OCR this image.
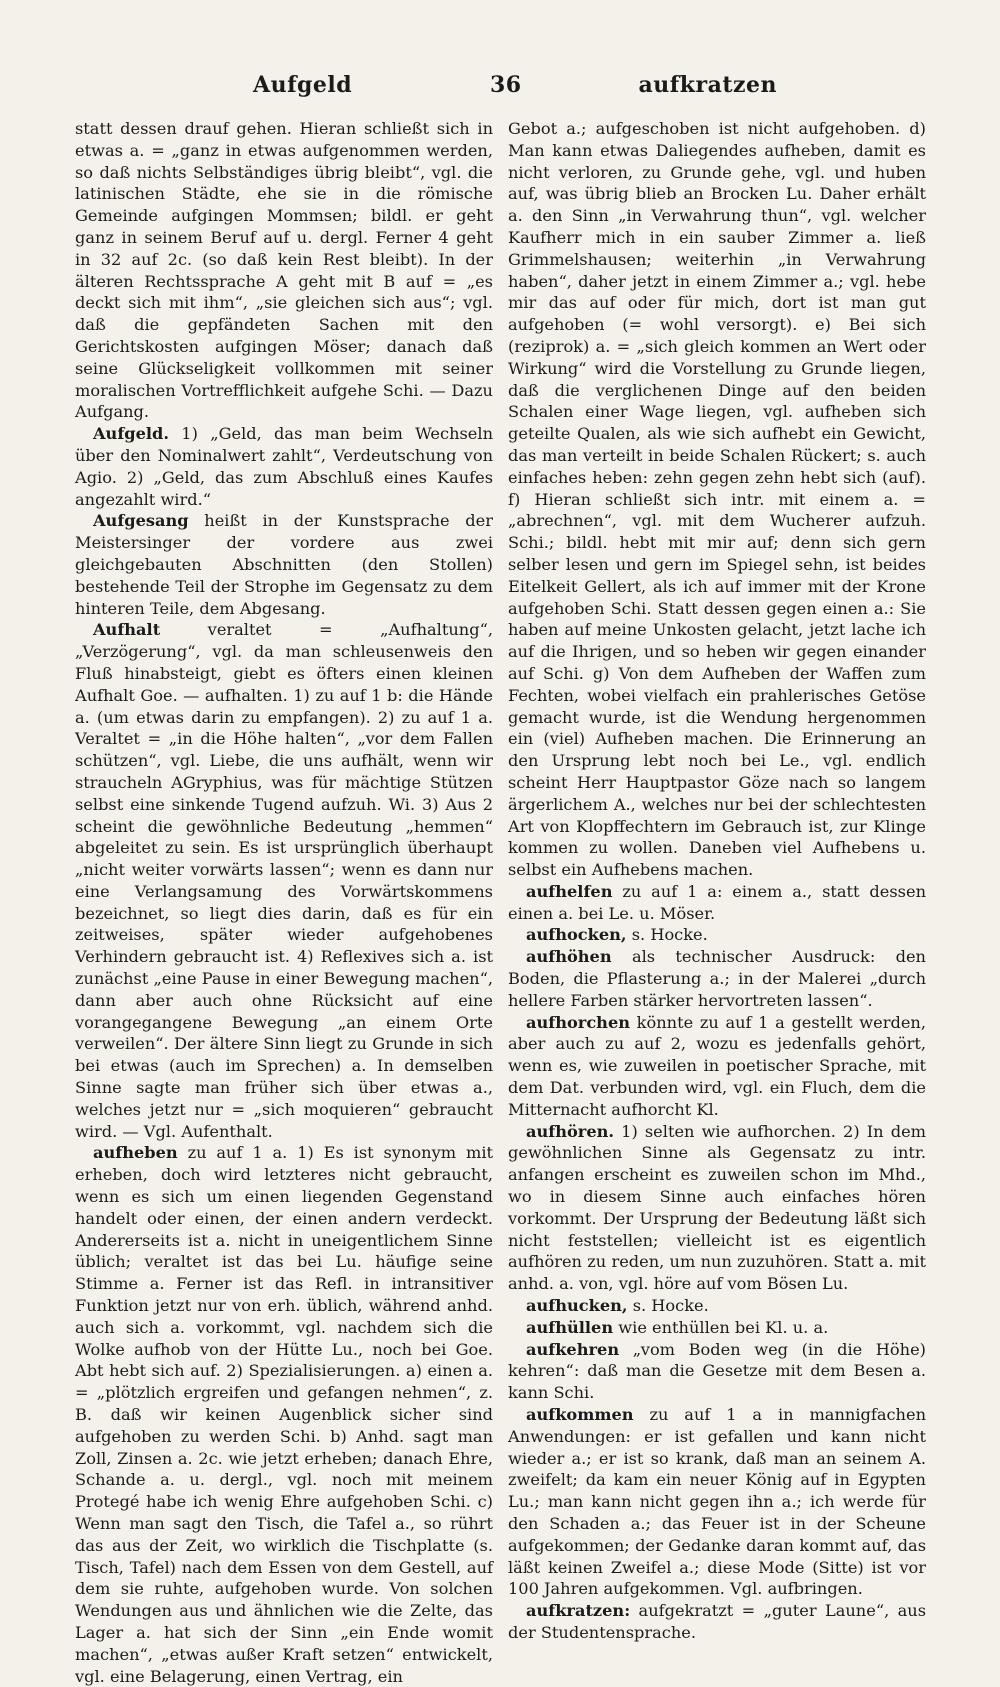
Aufgeld	36	aufkratzen

statt dessen drauf gehen. Hieran schließt sich in etwas a. = „ganz in etwas aufgenommen werden, so daß nichts Selbständiges übrig bleibt“, vgl. die latinischen Städte, ehe sie in die römische Gemeinde aufgingen Mommsen; bildl. er geht ganz in seinem Beruf auf u. dergl. Ferner 4 geht in 32 auf 2c. (so daß kein Rest bleibt). In der älteren Rechtssprache A geht mit B auf = „es deckt sich mit ihm“, „sie gleichen sich aus“; vgl. daß die gepfändeten Sachen mit den Gerichtskosten aufgingen Möser; danach daß seine Glückseligkeit vollkommen mit seiner moralischen Vortrefflichkeit aufgehe Schi. — Dazu Aufgang.

Aufgeld. 1) „Geld, das man beim Wechseln über den Nominalwert zahlt“, Verdeutschung von Agio. 2) „Geld, das zum Abschluß eines Kaufes angezahlt wird.“

Aufgesang heißt in der Kunstsprache der Meistersinger der vordere aus zwei gleichgebauten Abschnitten (den Stollen) bestehende Teil der Strophe im Gegensatz zu dem hinteren Teile, dem Abgesang.

Aufhalt veraltet = „Aufhaltung“, „Verzögerung“, vgl. da man schleusenweis den Fluß hinabsteigt, giebt es öfters einen kleinen Aufhalt Goe. — aufhalten. 1) zu auf 1 b: die Hände a. (um etwas darin zu empfangen). 2) zu auf 1 a. Veraltet = „in die Höhe halten“, „vor dem Fallen schützen“, vgl. Liebe, die uns aufhält, wenn wir straucheln AGryphius, was für mächtige Stützen selbst eine sinkende Tugend aufzuh. Wi. 3) Aus 2 scheint die gewöhnliche Bedeutung „hemmen“ abgeleitet zu sein. Es ist ursprünglich überhaupt „nicht weiter vorwärts lassen“; wenn es dann nur eine Verlangsamung des Vorwärtskommens bezeichnet, so liegt dies darin, daß es für ein zeitweises, später wieder aufgehobenes Verhindern gebraucht ist. 4) Reflexives sich a. ist zunächst „eine Pause in einer Bewegung machen“, dann aber auch ohne Rücksicht auf eine vorangegangene Bewegung „an einem Orte verweilen“. Der ältere Sinn liegt zu Grunde in sich bei etwas (auch im Sprechen) a. In demselben Sinne sagte man früher sich über etwas a., welches jetzt nur = „sich moquieren“ gebraucht wird. — Vgl. Aufenthalt.

aufheben zu auf 1 a. 1) Es ist synonym mit erheben, doch wird letzteres nicht gebraucht, wenn es sich um einen liegenden Gegenstand handelt oder einen, der einen andern verdeckt. Andererseits ist a. nicht in uneigentlichem Sinne üblich; veraltet ist das bei Lu. häufige seine Stimme a. Ferner ist das Refl. in intransitiver Funktion jetzt nur von erh. üblich, während anhd. auch sich a. vorkommt, vgl. nachdem sich die Wolke aufhob von der Hütte Lu., noch bei Goe. Abt hebt sich auf. 2) Spezialisierungen. a) einen a. = „plötzlich ergreifen und gefangen nehmen“, z. B. daß wir keinen Augenblick sicher sind aufgehoben zu werden Schi. b) Anhd. sagt man Zoll, Zinsen a. 2c. wie jetzt erheben; danach Ehre, Schande a. u. dergl., vgl. noch mit meinem Protegé habe ich wenig Ehre aufgehoben Schi. c) Wenn man sagt den Tisch, die Tafel a., so rührt das aus der Zeit, wo wirklich die Tischplatte (s. Tisch, Tafel) nach dem Essen von dem Gestell, auf dem sie ruhte, aufgehoben wurde. Von solchen Wendungen aus und ähnlichen wie die Zelte, das Lager a. hat sich der Sinn „ein Ende womit machen“, „etwas außer Kraft setzen“ entwickelt, vgl. eine Belagerung, einen Vertrag, ein

Gebot a.; aufgeschoben ist nicht aufgehoben. d) Man kann etwas Daliegendes aufheben, damit es nicht verloren, zu Grunde gehe, vgl. und huben auf, was übrig blieb an Brocken Lu. Daher erhält a. den Sinn „in Verwahrung thun“, vgl. welcher Kaufherr mich in ein sauber Zimmer a. ließ Grimmelshausen; weiterhin „in Verwahrung haben“, daher jetzt in einem Zimmer a.; vgl. hebe mir das auf oder für mich, dort ist man gut aufgehoben (= wohl versorgt). e) Bei sich (reziprok) a. = „sich gleich kommen an Wert oder Wirkung“ wird die Vorstellung zu Grunde liegen, daß die verglichenen Dinge auf den beiden Schalen einer Wage liegen, vgl. aufheben sich geteilte Qualen, als wie sich aufhebt ein Gewicht, das man verteilt in beide Schalen Rückert; s. auch einfaches heben: zehn gegen zehn hebt sich (auf). f) Hieran schließt sich intr. mit einem a. = „abrechnen“, vgl. mit dem Wucherer aufzuh. Schi.; bildl. hebt mit mir auf; denn sich gern selber lesen und gern im Spiegel sehn, ist beides Eitelkeit Gellert, als ich auf immer mit der Krone aufgehoben Schi. Statt dessen gegen einen a.: Sie haben auf meine Unkosten gelacht, jetzt lache ich auf die Ihrigen, und so heben wir gegen einander auf Schi. g) Von dem Aufheben der Waffen zum Fechten, wobei vielfach ein prahlerisches Getöse gemacht wurde, ist die Wendung hergenommen ein (viel) Aufheben machen. Die Erinnerung an den Ursprung lebt noch bei Le., vgl. endlich scheint Herr Hauptpastor Göze nach so langem ärgerlichem A., welches nur bei der schlechtesten Art von Klopffechtern im Gebrauch ist, zur Klinge kommen zu wollen. Daneben viel Aufhebens u. selbst ein Aufhebens machen.

aufhelfen zu auf 1 a: einem a., statt dessen einen a. bei Le. u. Möser.

aufhocken, s. Hocke.

aufhöhen als technischer Ausdruck: den Boden, die Pflasterung a.; in der Malerei „durch hellere Farben stärker hervortreten lassen“.

aufhorchen könnte zu auf 1 a gestellt werden, aber auch zu auf 2, wozu es jedenfalls gehört, wenn es, wie zuweilen in poetischer Sprache, mit dem Dat. verbunden wird, vgl. ein Fluch, dem die Mitternacht aufhorcht Kl.

aufhören. 1) selten wie aufhorchen. 2) In dem gewöhnlichen Sinne als Gegensatz zu intr. anfangen erscheint es zuweilen schon im Mhd., wo in diesem Sinne auch einfaches hören vorkommt. Der Ursprung der Bedeutung läßt sich nicht feststellen; vielleicht ist es eigentlich aufhören zu reden, um nun zuzuhören. Statt a. mit anhd. a. von, vgl. höre auf vom Bösen Lu.

aufhucken, s. Hocke.

aufhüllen wie enthüllen bei Kl. u. a.

aufkehren „vom Boden weg (in die Höhe) kehren“: daß man die Gesetze mit dem Besen a. kann Schi.

aufkommen zu auf 1 a in mannigfachen Anwendungen: er ist gefallen und kann nicht wieder a.; er ist so krank, daß man an seinem A. zweifelt; da kam ein neuer König auf in Egypten Lu.; man kann nicht gegen ihn a.; ich werde für den Schaden a.; das Feuer ist in der Scheune aufgekommen; der Gedanke daran kommt auf, das läßt keinen Zweifel a.; diese Mode (Sitte) ist vor 100 Jahren aufgekommen. Vgl. aufbringen.

aufkratzen: aufgekratzt = „guter Laune“, aus der Studentensprache.
